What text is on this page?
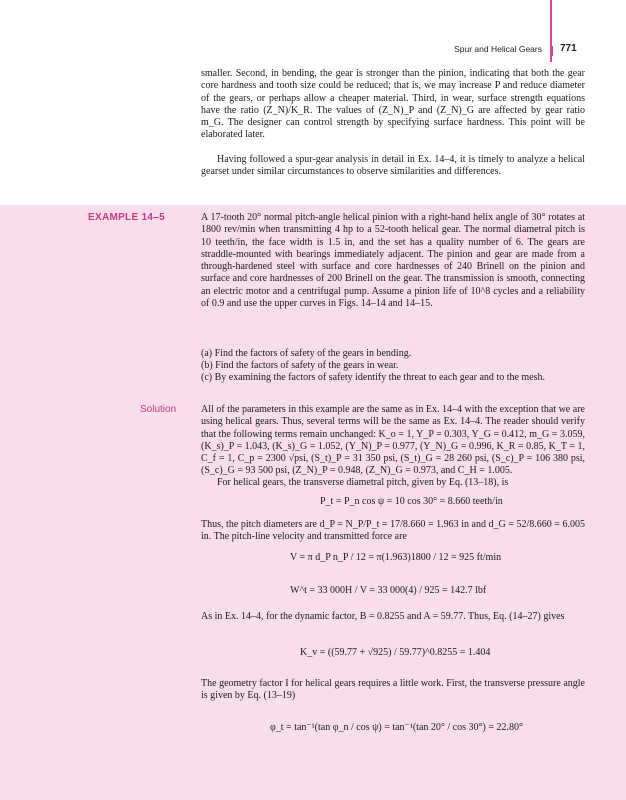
Spur and Helical Gears 771

smaller. Second, in bending, the gear is stronger than the pinion, indicating that both the gear core hardness and tooth size could be reduced; that is, we may increase P and reduce diameter of the gears, or perhaps allow a cheaper material. Third, in wear, surface strength equations have the ratio (Z_N)/K_R. The values of (Z_N)_P and (Z_N)_G are affected by gear ratio m_G. The designer can control strength by specifying surface hardness. This point will be elaborated later.

Having followed a spur-gear analysis in detail in Ex. 14–4, it is timely to analyze a helical gearset under similar circumstances to observe similarities and differences.

EXAMPLE 14–5	A 17-tooth 20° normal pitch-angle helical pinion with a right-hand helix angle of 30° rotates at 1800 rev/min when transmitting 4 hp to a 52-tooth helical gear. The normal diametral pitch is 10 teeth/in, the face width is 1.5 in, and the set has a quality number of 6. The gears are straddle-mounted with bearings immediately adjacent. The pinion and gear are made from a through-hardened steel with surface and core hardnesses of 240 Brinell on the pinion and surface and core hardnesses of 200 Brinell on the gear. The transmission is smooth, connecting an electric motor and a centrifugal pump. Assume a pinion life of 10^8 cycles and a reliability of 0.9 and use the upper curves in Figs. 14–14 and 14–15.

(a) Find the factors of safety of the gears in bending.

(b) Find the factors of safety of the gears in wear.

(c) By examining the factors of safety identify the threat to each gear and to the mesh.

Solution All of the parameters in this example are the same as in Ex. 14–4 with the exception that we are using helical gears. Thus, several terms will be the same as Ex. 14–4. The reader should verify that the following terms remain unchanged: K_o = 1, Y_P = 0.303, Y_G = 0.412, m_G = 3.059, (K_s)_P = 1.043, (K_s)_G = 1.052, (Y_N)_P = 0.977, (Y_N)_G = 0.996, K_R = 0.85, K_T = 1, C_f = 1, C_p = 2300 √psi, (S_t)_P = 31 350 psi, (S_t)_G = 28 260 psi, (S_c)_P = 106 380 psi, (S_c)_G = 93 500 psi, (Z_N)_P = 0.948, (Z_N)_G = 0.973, and C_H = 1.005.

For helical gears, the transverse diametral pitch, given by Eq. (13–18), is

P_t = P_n cos ψ = 10 cos 30° = 8.660 teeth/in

Thus, the pitch diameters are d_P = N_P/P_t = 17/8.660 = 1.963 in and d_G = 52/8.660 = 6.005 in. The pitch-line velocity and transmitted force are

V = π d_P n_P / 12 = π(1.963)1800 / 12 = 925 ft/min
W^t = 33 000H / V = 33 000(4) / 925 = 142.7 lbf

As in Ex. 14–4, for the dynamic factor, B = 0.8255 and A = 59.77. Thus, Eq. (14–27) gives

K_v = ((59.77 + √925) / 59.77)^0.8255 = 1.404

The geometry factor I for helical gears requires a little work. First, the transverse pressure angle is given by Eq. (13–19)

φ_t = tan⁻¹(tan φ_n / cos ψ) = tan⁻¹(tan 20° / cos 30°) = 22.80°
